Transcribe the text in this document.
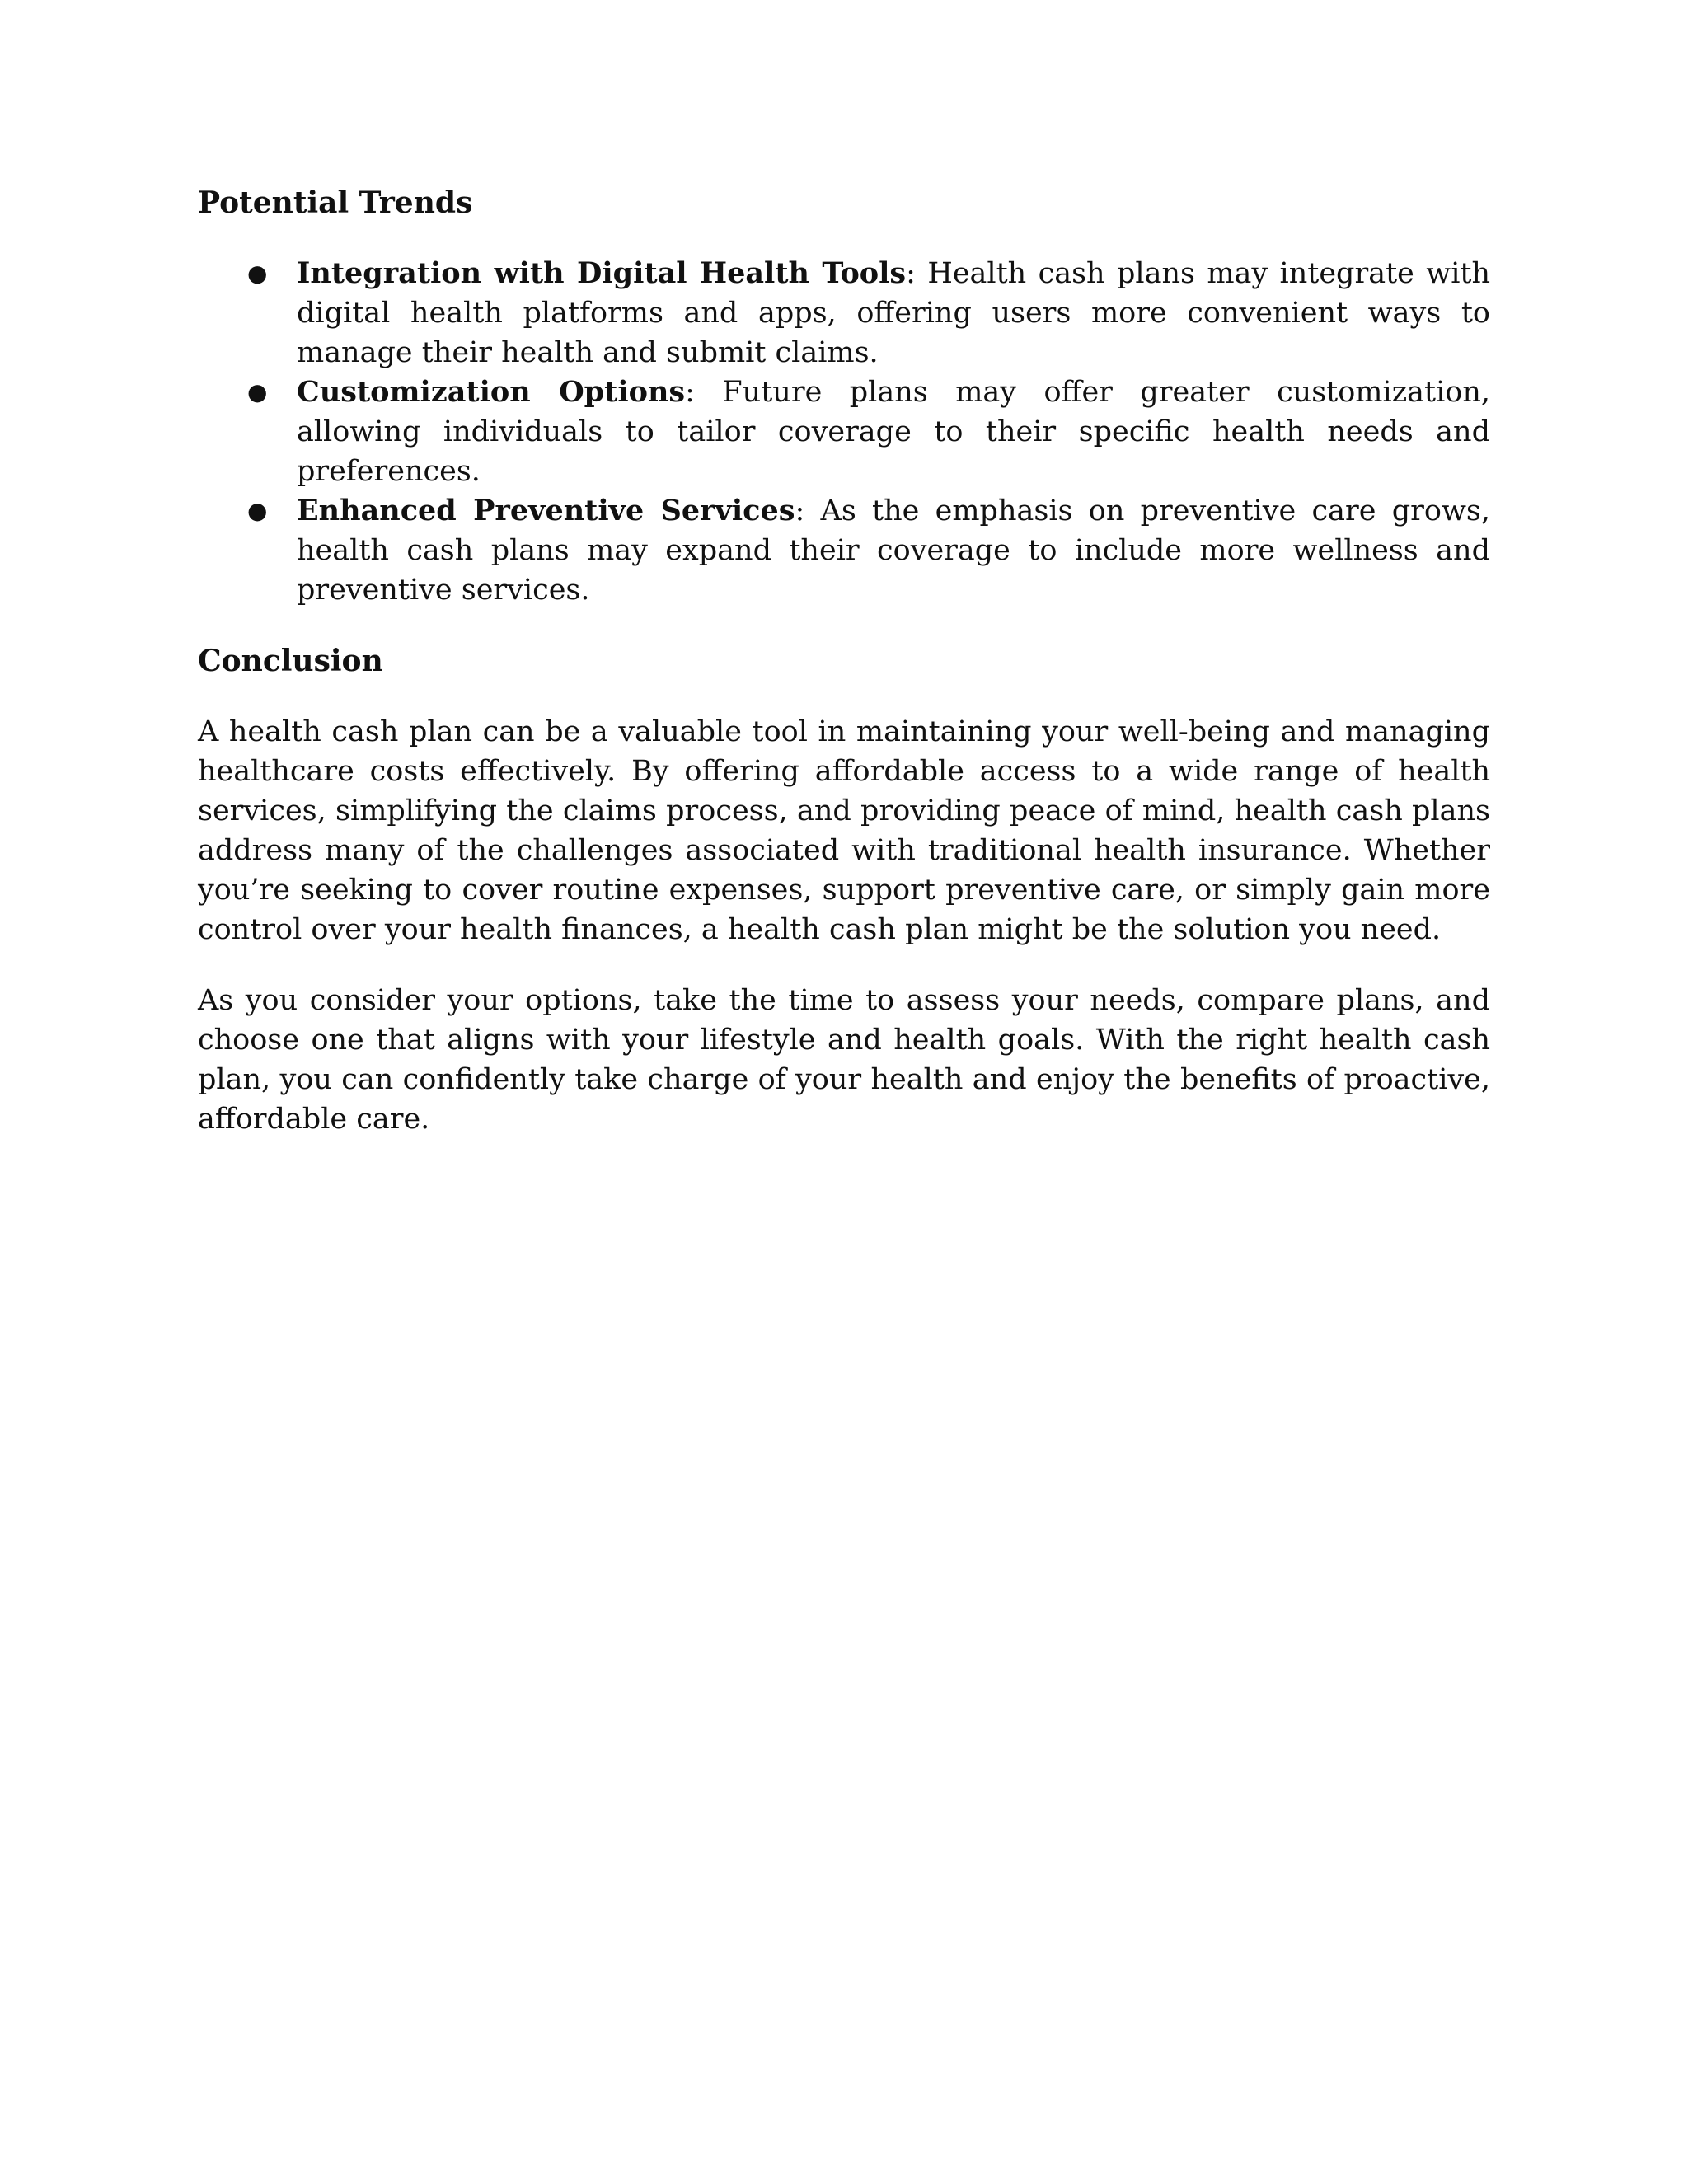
Potential Trends
● Integration with Digital Health Tools: Health cash plans may integrate with digital health platforms and apps, offering users more convenient ways to manage their health and submit claims.
● Customization Options: Future plans may offer greater customization, allowing individuals to tailor coverage to their specific health needs and preferences.
● Enhanced Preventive Services: As the emphasis on preventive care grows, health cash plans may expand their coverage to include more wellness and preventive services.
Conclusion

A health cash plan can be a valuable tool in maintaining your well-being and managing healthcare costs effectively. By offering affordable access to a wide range of health services, simplifying the claims process, and providing peace of mind, health cash plans address many of the challenges associated with traditional health insurance. Whether you’re seeking to cover routine expenses, support preventive care, or simply gain more control over your health finances, a health cash plan might be the solution you need.

As you consider your options, take the time to assess your needs, compare plans, and choose one that aligns with your lifestyle and health goals. With the right health cash plan, you can confidently take charge of your health and enjoy the benefits of proactive, affordable care.
